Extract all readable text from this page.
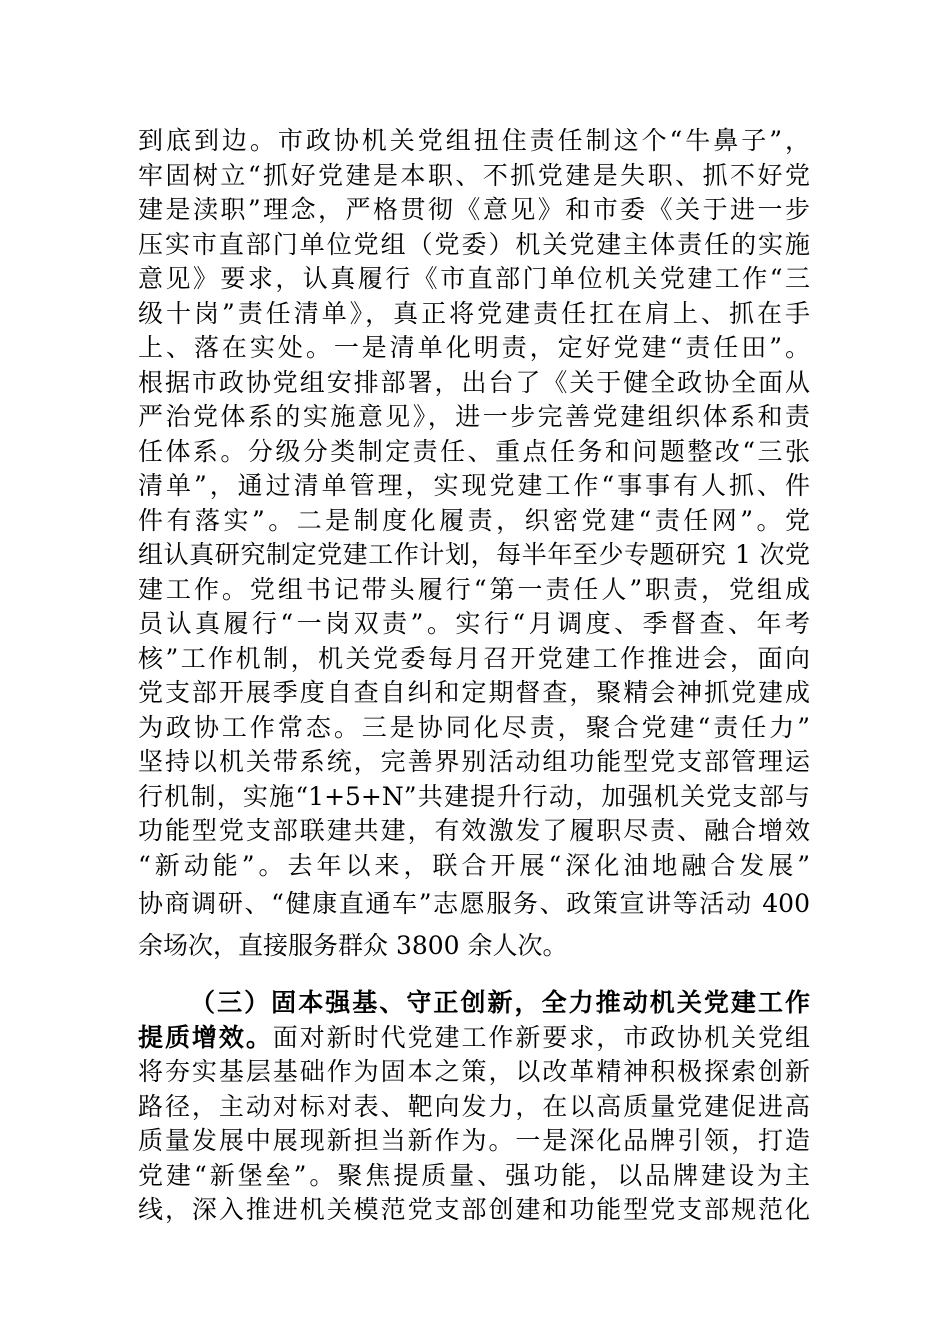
到底到边。市政协机关党组扭住责任制这个“牛鼻子”，
牢固树立“抓好党建是本职、不抓党建是失职、抓不好党
建是渎职”理念，严格贯彻《意见》和市委《关于进一步
压实市直部门单位党组（党委）机关党建主体责任的实施
意见》要求，认真履行《市直部门单位机关党建工作“三
级十岗”责任清单》，真正将党建责任扛在肩上、抓在手
上、落在实处。一是清单化明责，定好党建“责任田”。
根据市政协党组安排部署，出台了《关于健全政协全面从
严治党体系的实施意见》，进一步完善党建组织体系和责
任体系。分级分类制定责任、重点任务和问题整改“三张
清单”，通过清单管理，实现党建工作“事事有人抓、件
件有落实”。二是制度化履责，织密党建“责任网”。党
组认真研究制定党建工作计划，每半年至少专题研究 1 次党
建工作。党组书记带头履行“第一责任人”职责，党组成
员认真履行“一岗双责”。实行“月调度、季督查、年考
核”工作机制，机关党委每月召开党建工作推进会，面向
党支部开展季度自查自纠和定期督查，聚精会神抓党建成
为政协工作常态。三是协同化尽责，聚合党建“责任力”
坚持以机关带系统，完善界别活动组功能型党支部管理运
行机制，实施“1+5+N”共建提升行动，加强机关党支部与
功能型党支部联建共建，有效激发了履职尽责、融合增效
“新动能”。去年以来，联合开展“深化油地融合发展”
协商调研、“健康直通车”志愿服务、政策宣讲等活动 400
余场次，直接服务群众 3800 余人次。
（三）固本强基、守正创新，全力推动机关党建工作
提质增效。面对新时代党建工作新要求，市政协机关党组
将夯实基层基础作为固本之策，以改革精神积极探索创新
路径，主动对标对表、靶向发力，在以高质量党建促进高
质量发展中展现新担当新作为。一是深化品牌引领，打造
党建“新堡垒”。聚焦提质量、强功能，以品牌建设为主
线，深入推进机关模范党支部创建和功能型党支部规范化
